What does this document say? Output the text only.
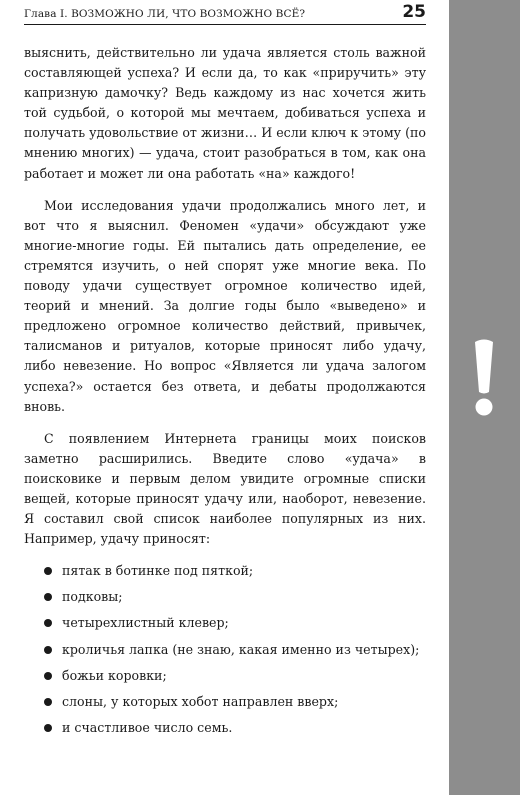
Глава I. ВОЗМОЖНО ЛИ, ЧТО ВОЗМОЖНО ВСЁ?	25

выяснить, действительно ли удача является столь важной составляющей успеха? И если да, то как «приручить» эту капризную дамочку? Ведь каждому из нас хочется жить той судьбой, о которой мы мечтаем, добиваться успеха и получать удовольствие от жизни… И если ключ к этому (по мнению многих) — удача, стоит разобраться в том, как она работает и может ли она работать «на» каждого!

Мои исследования удачи продолжались много лет, и вот что я выяснил. Феномен «удачи» обсуждают уже многие-многие годы. Ей пытались дать определение, ее стремятся изучить, о ней спорят уже многие века. По поводу удачи существует огромное количество идей, теорий и мнений. За долгие годы было «выведено» и предложено огромное количество действий, привычек, талисманов и ритуалов, которые приносят либо удачу, либо невезение. Но вопрос «Является ли удача залогом успеха?» остается без ответа, и дебаты продолжаются вновь.

С появлением Интернета границы моих поисков заметно расширились. Введите слово «удача» в поисковике и первым делом увидите огромные списки вещей, которые приносят удачу или, наоборот, невезение. Я составил свой список наиболее популярных из них. Например, удачу приносят:

пятак в ботинке под пяткой;
подковы;
четырехлистный клевер;
кроличья лапка (не знаю, какая именно из четырех);
божьи коровки;
слоны, у которых хобот направлен вверх;
и счастливое число семь.
